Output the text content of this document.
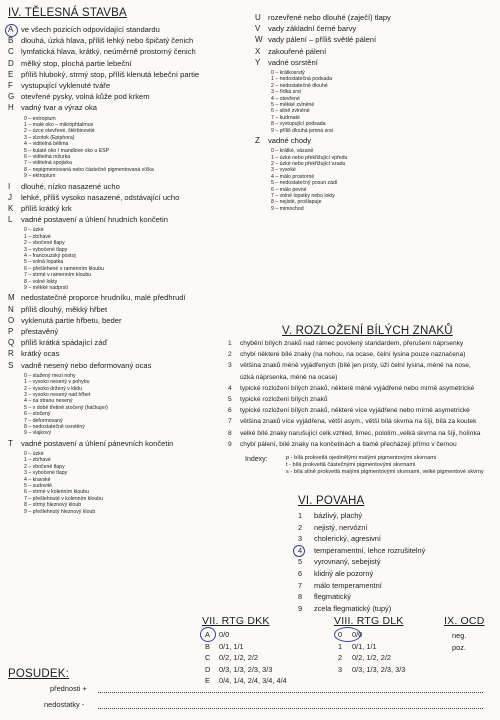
IV. TĚLESNÁ STAVBA
A	ve všech pozicích odpovídající standardu
B	dlouhá, úzká hlava, příliš lehký nebo špičatý čenich
C lymfatická hlava, krátký, neúměrně prostorný čenich
D mělký stop, plochá partie lebeční
E	příliš hluboký, strmý stop, příliš klenutá lebeční partie
F	vystupující vyklenuté tváře
G otevřené pysky, volná kůže pod krkem
H vadný tvar a výraz oka
0 – entropium
1 – malé oko – mikrophtalmus
2 – úzce otevřené, štěrbinovité
3 – slzotok (Epiphora)
4 – viditelná bělima
5 – kulaté oko / mandlové oko u ESP
6 – viditelná mžurka
7 – viditelná spojivka
8 – nepigmentovaná nebo částečně pigmentovaná víčka
9 – ektropium
I	dlouhé, nízko nasazené ucho
J	lehké, příliš vysoko nasazené, odstávající ucho
K	příliš krátký krk
L	vadné postavení a úhlení hrudních končetin
0 – úzké
1 – zbíhavé
2 – vbočené tlapy
3 – vybočené tlapy
4 – francouzský postoj
5 – volná lopatka
6 – přešlehené v ramenním kloubu
7 – strmé v ramenním kloubu
8 – volné lokty
9 – měkké nadprstí
M nedostatečné proporce hrudníku, malé předhrudí
N příliš dlouhý, měkký hřbet
O vyklenutá partie hřbetu, beder
P	přestavěný
Q příliš krátká spádající záď
R krátký ocas
S	vadně nesený nebo deformovaný ocas
0 – stažený mezi nohy
1 – vysoko nesený v pohybu
2 – vysoko držený v klidu
3 – vysoko nesený nad hřbet
4 – na stranu nesený
5 – v době třetině stočený (háčkujer)
6 – stočený
7 – deformovaný
8 – nedostatečně osrstěný
9 – vlajkový
T	vadné postavení a úhlení pánevních končetin
0 – úzké
1 – zbíhavé
2 – vbočené tlapy
3 – vybočené tlapy
4 – kravské
5 – sudovité
6 – strmé v kolenním kloubu
7 – přešlehnuté v kolenním kloubu
8 – strmý hleznový kloub
9 – přešlehnutý hleznový kloub
U rozevřené nebo dlouhé (zaječí) tlapy
V	vady základní černé barvy
W vady pálení – příliš světlé pálení
X	zakouřené pálení
Y	vadné osrstění
0 – krátkosrstý
1 – nedostatečná podsada
2 – nedostatečně dlouhé
3 – řídká srst
4 – otevřené
5 – měkké zvlněné
6 – silně zvlněné
7 – kudrnaté
8 – vystupující podsada
9 – příliš dlouhá jemná srst
Z	vadné chody
0 – krátké, vázané
1 – úzké nebo překřižující vpředu
2 – úzké nebo překřižující vzadu
3 – vysoké
4 – málo prostorné
5 – nedostatečný posun zádí
6 – málo pevné
7 – volné lopatky nebo lokty
8 – nejisté, prošlapuje
9 – mimochod
V. ROZLOŽENÍ BÍLÝCH ZNAKŮ
1	chybění bílých znaků nad rámec povolený standardem, přerušení náprsenky
2	chybí některé bílé znaky (na nohou, na ocase, čelní lysina pouze naznačena)
3	většina znaků méně vyjádřených (bílé jen prsty, úží čelní lysina, méně na nose,
úzká náprsenka, méně na ocase)
4	typické rozložení bílých znaků, některé méně vyjádřené nebo mírně asymetrické
5	typické rozložení bílých znaků
6	typické rozložení bílých znaků, některé více vyjádřené nebo mírně asymetrické
7	většina znaků více vyjádřena, větší asym., větší bílá skvrna na šíji, bílá za koutek
8	velké bílé znaky narušující celk.vzhled, límec, pololím.,velká skvrna na šíji, holínka
9	chybí pálení, bílé znaky na končetinách a tlamě přecházejí přímo v černou
Indexy:	p - bílá prokvetlá ojedinělými malými pigmentovými skvrnami
t - bílá prokvetlá částečnými pigmentovými skvrnami
s - bílá silně prokvetlá malými pigmentovými skvrnami, velké pigmentové skvrny
VI. POVAHA
1	bázlivý, plachý
2	nejistý, nervózní
3	cholerický, agresivní
4	temperamentní, lehce rozrušitelný
5	vyrovnaný, sebejistý
6	klidný ale pozorný
7	málo temperamentní
8	flegmatický
9	zcela flegmatický (tupý)
VII. RTG DKK
A	0/0
B	0/1, 1/1
C	0/2, 1/2, 2/2
D	0/3, 1/3, 2/3, 3/3
E	0/4, 1/4, 2/4, 3/4, 4/4
VIII. RTG DLK
0	0/0
1	0/1, 1/1
2	0/2, 1/2, 2/2
3	0/3, 1/3, 2/3, 3/3
IX. OCD
neg.
poz.
POSUDEK:
přednosti +
nedostatky -
